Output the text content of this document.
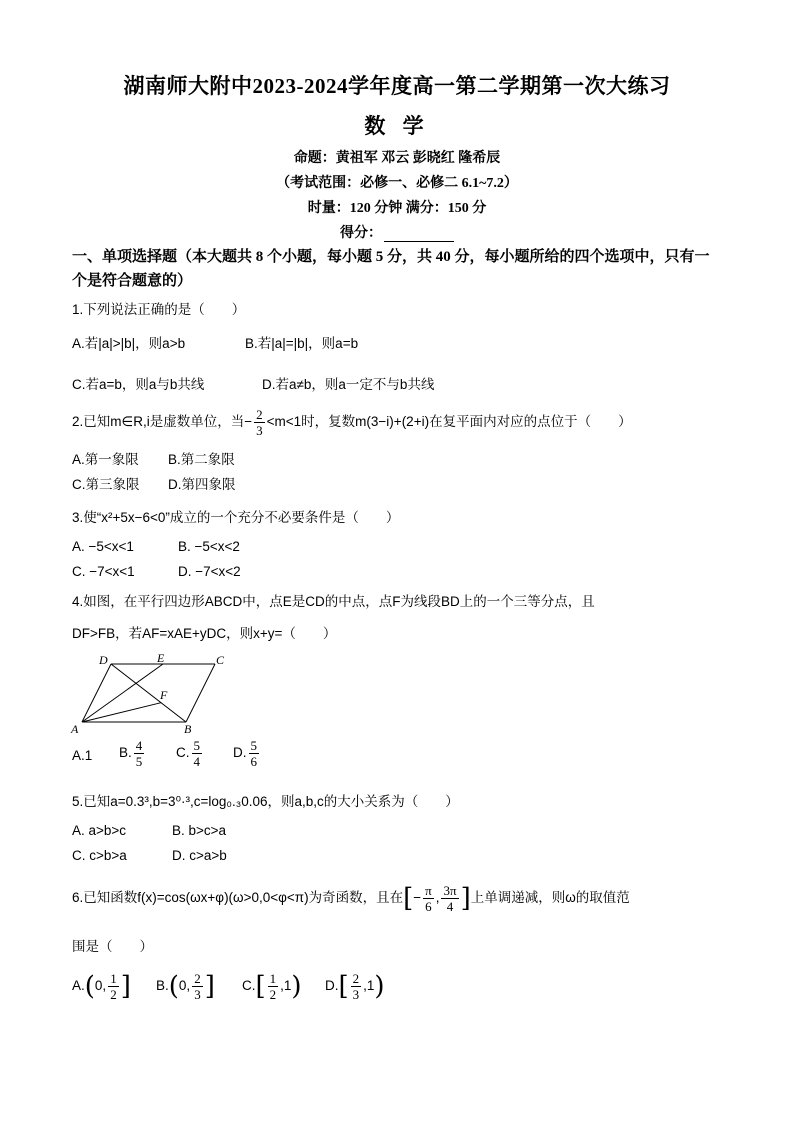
湖南师大附中2023-2024学年度高一第二学期第一次大练习
数 学
命题：黄祖军 邓云 彭晓红 隆希辰
（考试范围：必修一、必修二 6.1~7.2）
时量：120 分钟 满分：150 分
得分：
一、单项选择题（本大题共 8 个小题，每小题 5 分，共 40 分，每小题所给的四个选项中，只有一个是符合题意的）
1.下列说法正确的是（　　）
A.若|a|>|b|，则a>b	B.若|a|=|b|，则a=b
C.若a=b，则a与b共线	D.若a≠b，则a一定不与b共线
2.已知m∈R,i是虚数单位，当− $\frac{2}{3} <m<1$时，复数m(3−i)+(2+i)在复平面内对应的点位于（　　）
A.第一象限 B.第二象限
C.第三象限 D.第四象限
3.使“x²+5x−6<0”成立的一个充分不必要条件是（　　）
A. −5<x<1	B. −5<x<2
C. −7<x<1	D. −7<x<2
4.如图，在平行四边形ABCD中，点E是CD的中点，点F为线段BD上的一个三等分点，且
DF>FB，若AF=xAE+yDC，则x+y=（　　）
A	B
C
D	E
F
A.1 B. $\frac{4}{5} C$. $\frac{5}{4} D$. $\frac{5}{6}$
5.已知a=0.3³,b=3⁰·³,c=log₀.₃0.06，则a,b,c的大小关系为（　　）
A. a>b>c	B. b>c>a
C. c>b>a	D. c>a>b
6.已知函数f(x)=cos(ωx+φ)(ω>0,0<φ<π)为奇函数，且在[− $\frac{\pi}{6}$ , $\frac{3\pi}{4}$ ]上单调递减，则ω的取值范
围是（　　）
A.(0, $\frac{1}{2}$ ] B.(0, $\frac{2}{3}$ ] $C.[ \frac{1}{2} ,1)$ $D.[ \frac{2}{3} ,1)$
